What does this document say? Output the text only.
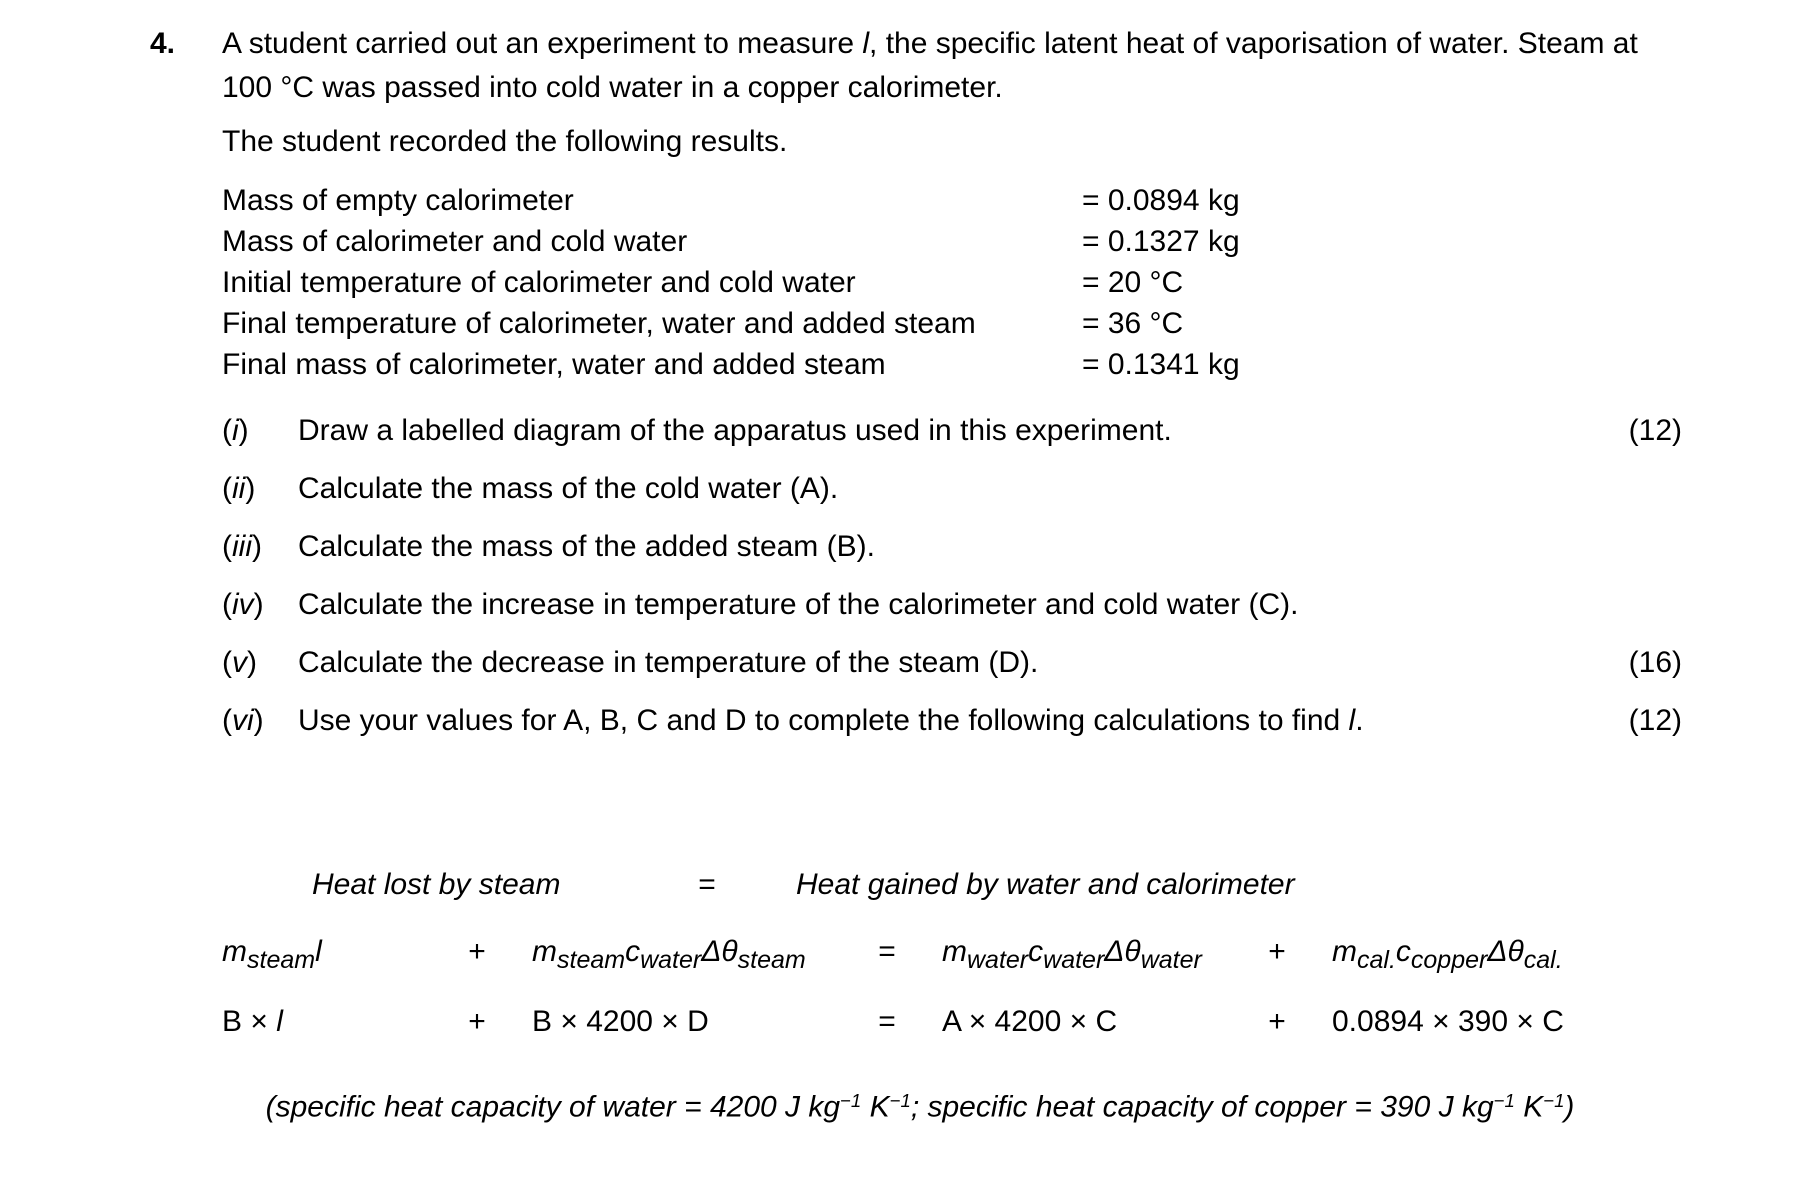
4.	A student carried out an experiment to measure l, the specific latent heat of vaporisation of water. Steam at 100 °C was passed into cold water in a copper calorimeter.
The student recorded the following results.
Mass of empty calorimeter	= 0.0894 kg
Mass of calorimeter and cold water	= 0.1327 kg
Initial temperature of calorimeter and cold water	= 20 °C
Final temperature of calorimeter, water and added steam	= 36 °C
Final mass of calorimeter, water and added steam	= 0.1341 kg
(i)	Draw a labelled diagram of the apparatus used in this experiment.	(12)
(ii)	Calculate the mass of the cold water (A).
(iii)	Calculate the mass of the added steam (B).
(iv)	Calculate the increase in temperature of the calorimeter and cold water (C).
(v)	Calculate the decrease in temperature of the steam (D).	(16)
(vi)	Use your values for A, B, C and D to complete the following calculations to find l.	(12)
Heat lost by steam	=	Heat gained by water and calorimeter
$m_{steam}l$	+	$m_{steam}c_{water}\Delta\theta_{steam}$	=	$m_{water}c_{water}\Delta\theta_{water}$	+	$m_{cal.}c_{copper}\Delta\theta_{cal.}$
B × l	+	B × 4200 × D	=	A × 4200 × C	+	0.0894 × 390 × C
(specific heat capacity of water = 4200 J $kg^{-1}$ $K^{-1}$; specific heat capacity of copper = 390 J $kg^{-1}$ $K^{-1}$)
